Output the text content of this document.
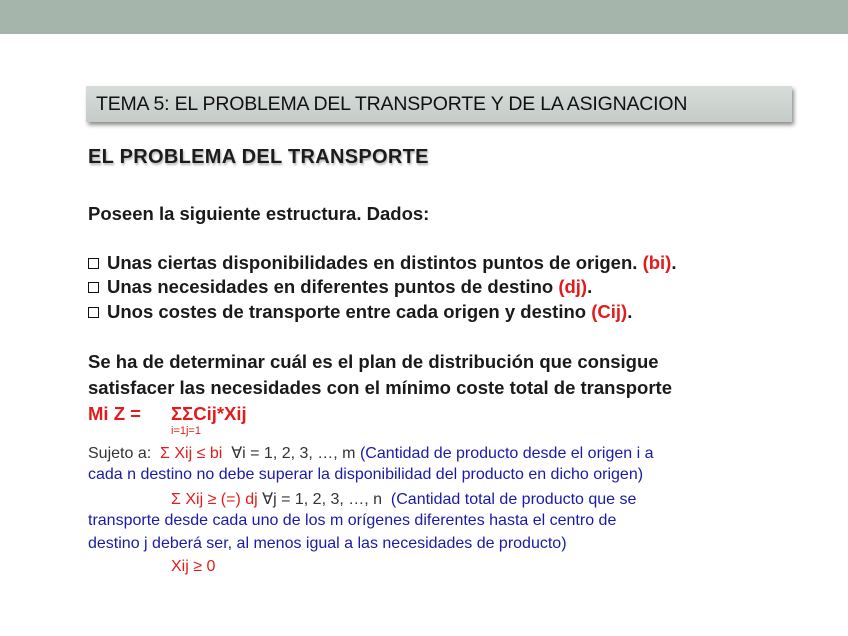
TEMA 5: EL PROBLEMA DEL TRANSPORTE Y DE LA ASIGNACION
EL PROBLEMA DEL TRANSPORTE
Poseen la siguiente estructura. Dados:
Unas ciertas disponibilidades en distintos puntos de origen. (bi).
Unas necesidades en diferentes puntos de destino (dj).
Unos costes de transporte entre cada origen y destino (Cij).
Se ha de determinar cuál es el plan de distribución que consigue
satisfacer las necesidades con el mínimo coste total de transporte
Mi Z = ΣΣCij*Xij
i=1j=1
Sujeto a: Σ Xij ≤ bi ∀i = 1, 2, 3, …, m (Cantidad de producto desde el origen i a
cada n destino no debe superar la disponibilidad del producto en dicho origen)
Σ Xij ≥ (=) dj ∀j = 1, 2, 3, …, n (Cantidad total de producto que se
transporte desde cada uno de los m orígenes diferentes hasta el centro de
destino j deberá ser, al menos igual a las necesidades de producto)
Xij ≥ 0
